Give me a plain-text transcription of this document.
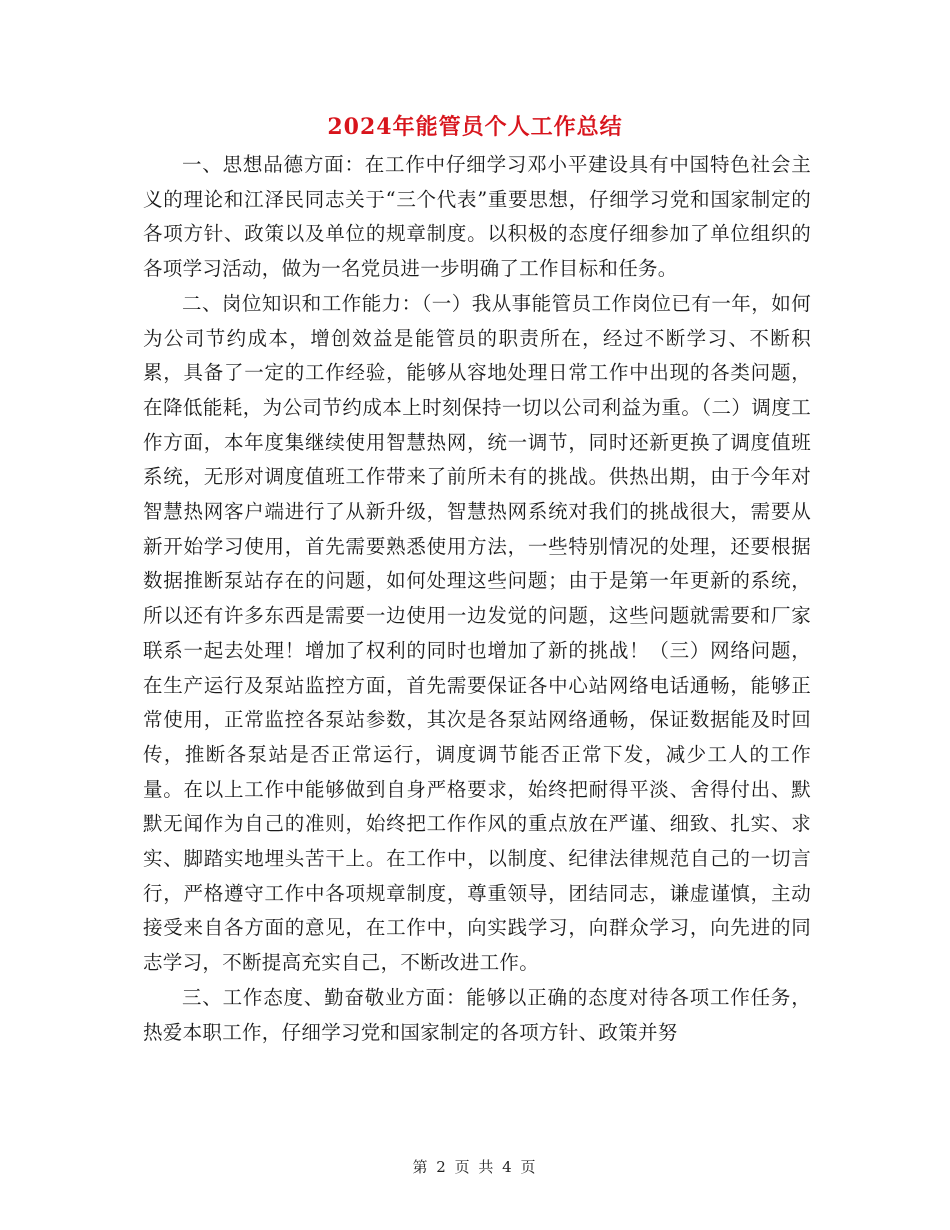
2024年能管员个人工作总结

一、思想品德方面：在工作中仔细学习邓小平建设具有中国特色社会主义的理论和江泽民同志关于“三个代表”重要思想，仔细学习党和国家制定的各项方针、政策以及单位的规章制度。以积极的态度仔细参加了单位组织的各项学习活动，做为一名党员进一步明确了工作目标和任务。

二、岗位知识和工作能力：（一）我从事能管员工作岗位已有一年，如何为公司节约成本，增创效益是能管员的职责所在，经过不断学习、不断积累，具备了一定的工作经验，能够从容地处理日常工作中出现的各类问题，在降低能耗，为公司节约成本上时刻保持一切以公司利益为重。（二）调度工作方面，本年度集继续使用智慧热网，统一调节，同时还新更换了调度值班系统，无形对调度值班工作带来了前所未有的挑战。供热出期，由于今年对智慧热网客户端进行了从新升级，智慧热网系统对我们的挑战很大，需要从新开始学习使用，首先需要熟悉使用方法，一些特别情况的处理，还要根据数据推断泵站存在的问题，如何处理这些问题；由于是第一年更新的系统，所以还有许多东西是需要一边使用一边发觉的问题，这些问题就需要和厂家联系一起去处理！增加了权利的同时也增加了新的挑战！（三）网络问题，在生产运行及泵站监控方面，首先需要保证各中心站网络电话通畅，能够正常使用，正常监控各泵站参数，其次是各泵站网络通畅，保证数据能及时回传，推断各泵站是否正常运行，调度调节能否正常下发，减少工人的工作量。在以上工作中能够做到自身严格要求，始终把耐得平淡、舍得付出、默默无闻作为自己的准则，始终把工作作风的重点放在严谨、细致、扎实、求实、脚踏实地埋头苦干上。在工作中，以制度、纪律法律规范自己的一切言行，严格遵守工作中各项规章制度，尊重领导，团结同志，谦虚谨慎，主动接受来自各方面的意见，在工作中，向实践学习，向群众学习，向先进的同志学习，不断提高充实自己，不断改进工作。

三、工作态度、勤奋敬业方面：能够以正确的态度对待各项工作任务，热爱本职工作，仔细学习党和国家制定的各项方针、政策并努

第 2 页 共 4 页
